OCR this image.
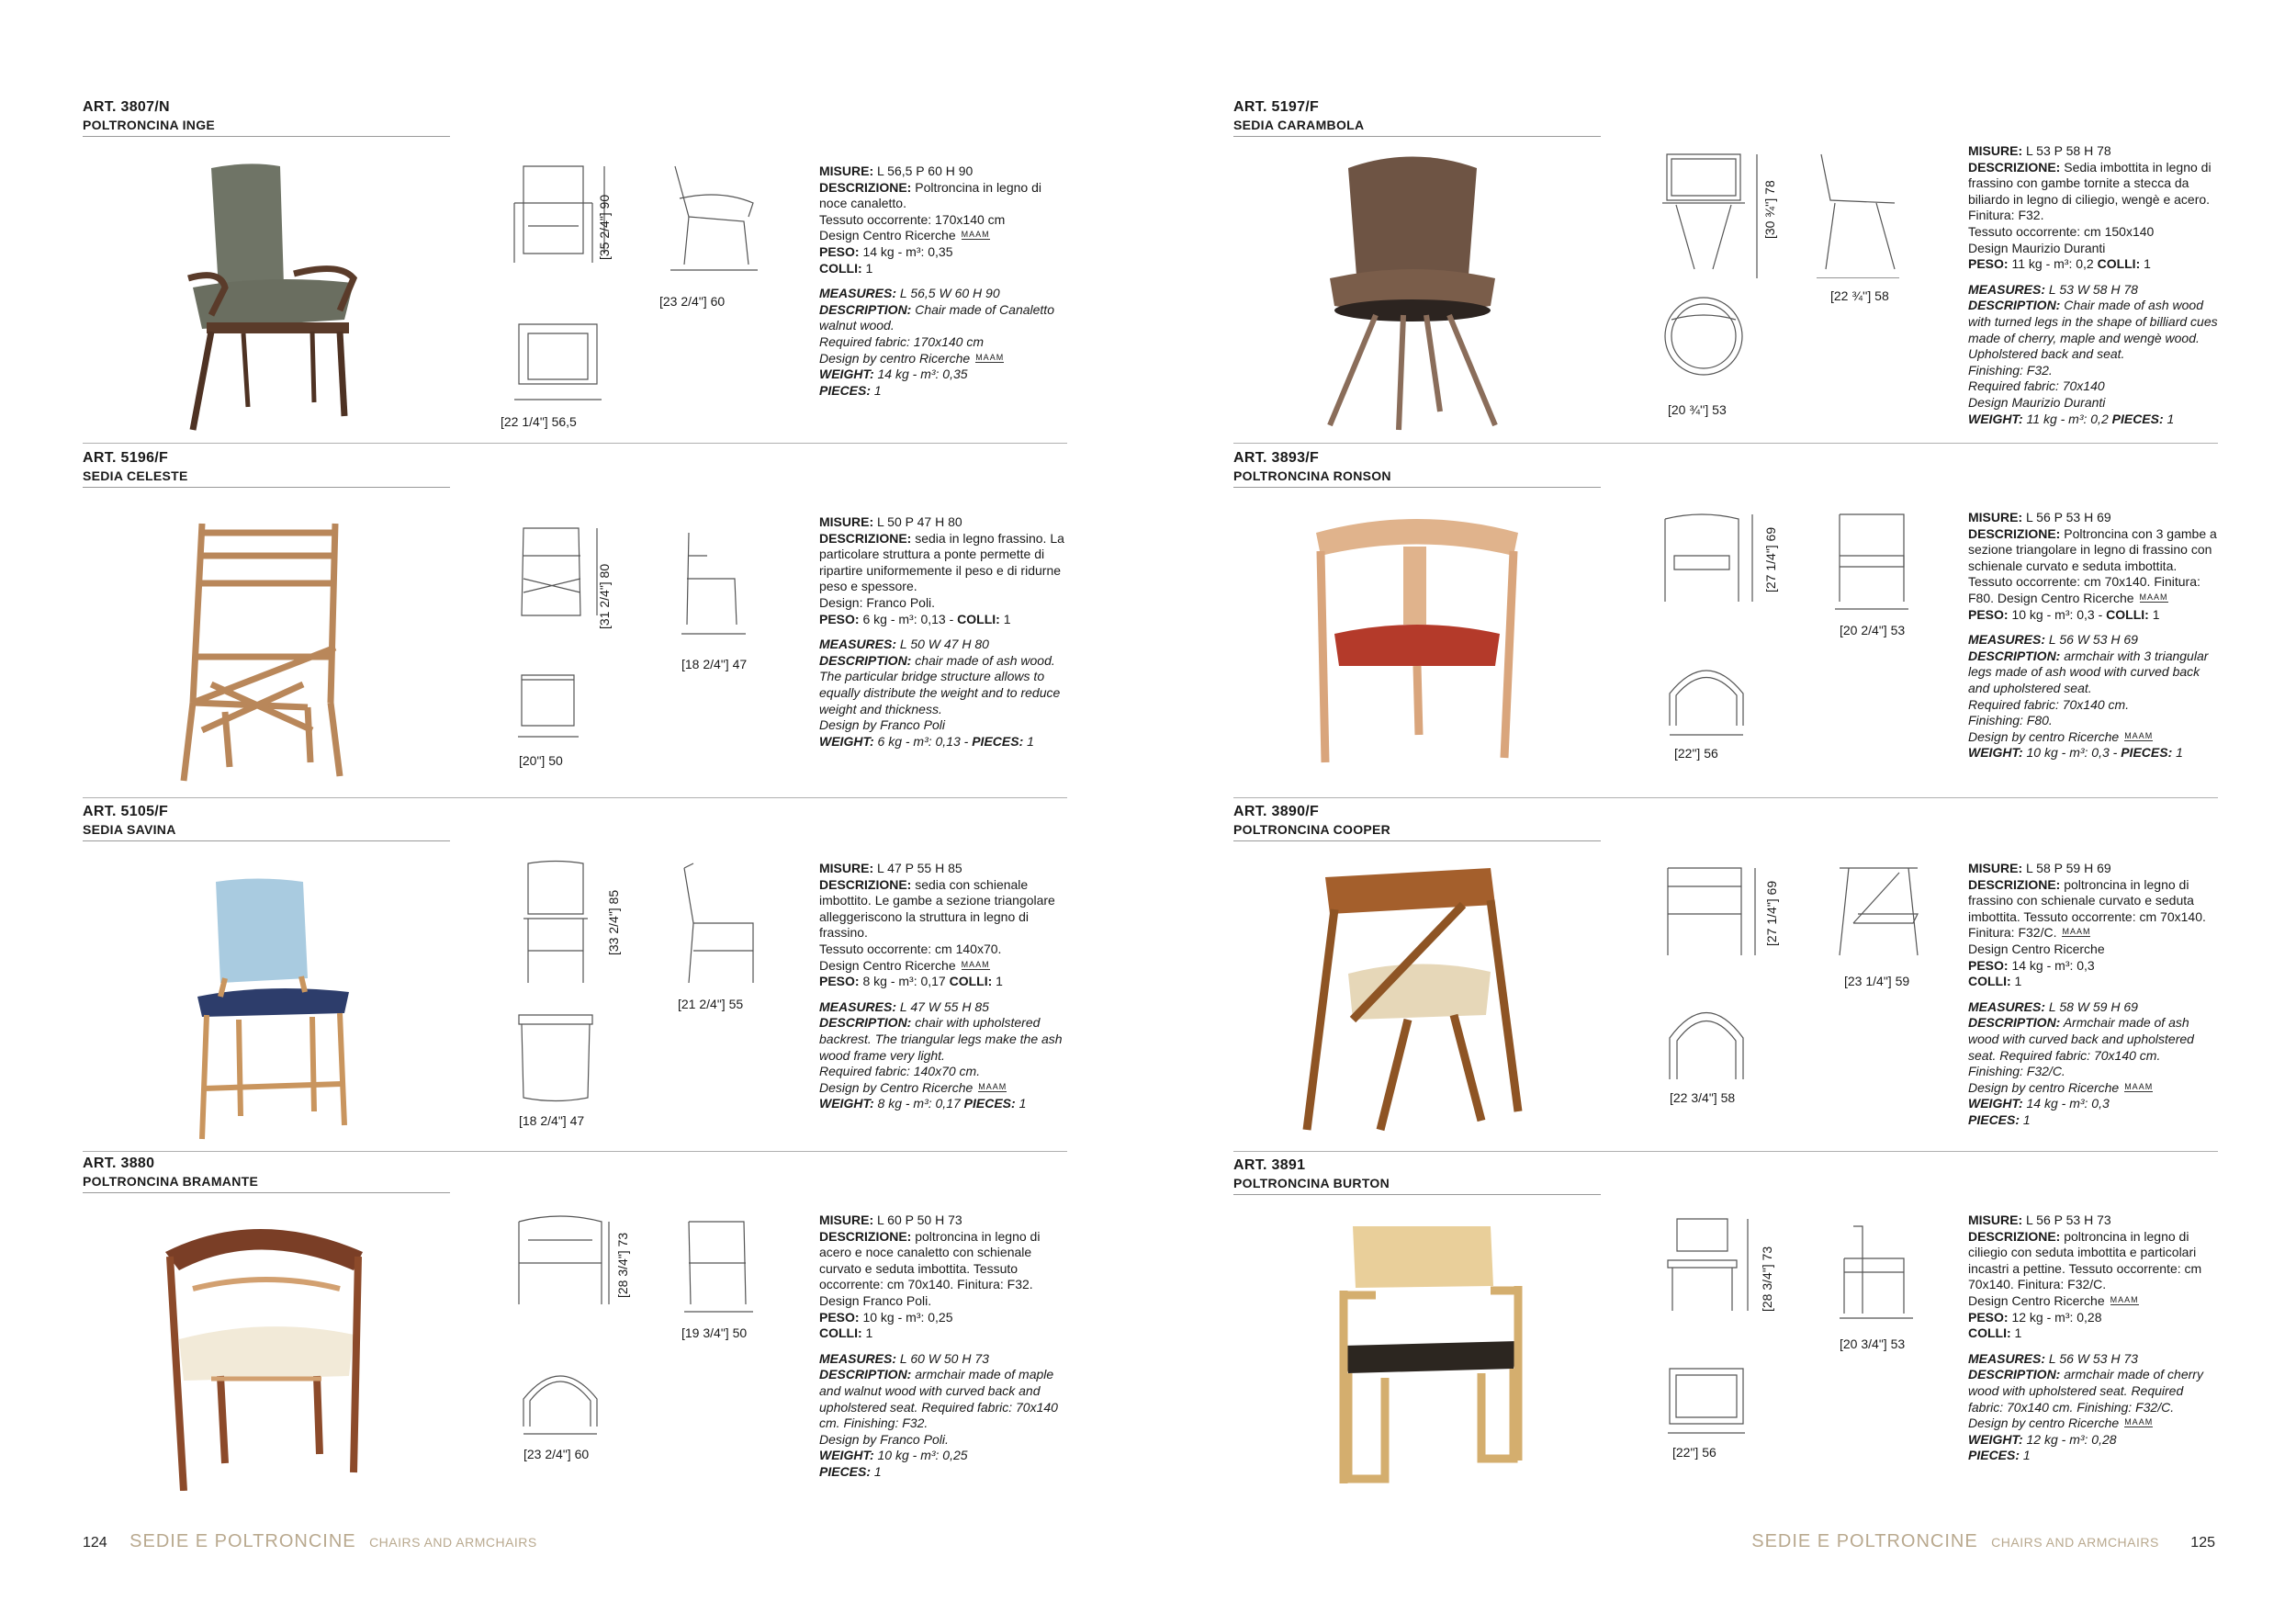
ART. 3807/N
POLTRONCINA INGE
[35 2/4"] 90
[23 2/4"] 60
[22 1/4"] 56,5

MISURE: L 56,5 P 60 H 90

DESCRIZIONE: Poltroncina in legno di noce canaletto.

Tessuto occorrente: 170x140 cm

Design Centro Ricerche MAAM

PESO: 14 kg - m³: 0,35

COLLI: 1

MEASURES: L 56,5 W 60 H 90

DESCRIPTION: Chair made of Canaletto walnut wood.

Required fabric: 170x140 cm

Design by centro Ricerche MAAM

WEIGHT: 14 kg - m³: 0,35

PIECES: 1

ART. 5196/F
SEDIA CELESTE
[31 2/4"] 80
[18 2/4"] 47
[20"] 50

MISURE: L 50 P 47 H 80

DESCRIZIONE: sedia in legno frassino. La particolare struttura a ponte permette di ripartire uniformemente il peso e di ridurne peso e spessore.

Design: Franco Poli.

PESO: 6 kg - m³: 0,13 - COLLI: 1

MEASURES: L 50 W 47 H 80

DESCRIPTION: chair made of ash wood. The particular bridge structure allows to equally distribute the weight and to reduce weight and thickness.

Design by Franco Poli

WEIGHT: 6 kg - m³: 0,13 - PIECES: 1

ART. 5105/F
SEDIA SAVINA
[33 2/4"] 85
[21 2/4"] 55
[18 2/4"] 47

MISURE: L 47 P 55 H 85

DESCRIZIONE: sedia con schienale imbottito. Le gambe a sezione triangolare alleggeriscono la struttura in legno di frassino.

Tessuto occorrente: cm 140x70.

Design Centro Ricerche MAAM

PESO: 8 kg - m³: 0,17 COLLI: 1

MEASURES: L 47 W 55 H 85

DESCRIPTION: chair with upholstered backrest. The triangular legs make the ash wood frame very light.

Required fabric: 140x70 cm.

Design by Centro Ricerche MAAM

WEIGHT: 8 kg - m³: 0,17 PIECES: 1

ART. 3880
POLTRONCINA BRAMANTE
[28 3/4"] 73
[19 3/4"] 50
[23 2/4"] 60

MISURE: L 60 P 50 H 73

DESCRIZIONE: poltroncina in legno di acero e noce canaletto con schienale curvato e seduta imbottita. Tessuto occorrente: cm 70x140. Finitura: F32.

Design Franco Poli.

PESO: 10 kg - m³: 0,25

COLLI: 1

MEASURES: L 60 W 50 H 73

DESCRIPTION: armchair made of maple and walnut wood with curved back and upholstered seat. Required fabric: 70x140 cm. Finishing: F32.

Design by Franco Poli.

WEIGHT: 10 kg - m³: 0,25

PIECES: 1

ART. 5197/F
SEDIA CARAMBOLA
[30 ¾''] 78
[22 ¾''] 58
[20 ¾''] 53

MISURE: L 53 P 58 H 78

DESCRIZIONE: Sedia imbottita in legno di frassino con gambe tornite a stecca da biliardo in legno di ciliegio, wengè e acero.

Finitura: F32.

Tessuto occorrente: cm 150x140

Design Maurizio Duranti

PESO: 11 kg - m³: 0,2 COLLI: 1

MEASURES: L 53 W 58 H 78

DESCRIPTION: Chair made of ash wood with turned legs in the shape of billiard cues made of cherry, maple and wengè wood. Upholstered back and seat.

Finishing: F32.

Required fabric: 70x140

Design Maurizio Duranti

WEIGHT: 11 kg - m³: 0,2 PIECES: 1

ART. 3893/F
POLTRONCINA RONSON
[27 1/4"] 69
[20 2/4"] 53
[22"] 56

MISURE: L 56 P 53 H 69

DESCRIZIONE: Poltroncina con 3 gambe a sezione triangolare in legno di frassino con schienale curvato e seduta imbottita. Tessuto occorrente: cm 70x140. Finitura: F80. Design Centro Ricerche MAAM

PESO: 10 kg - m³: 0,3 - COLLI: 1

MEASURES: L 56 W 53 H 69

DESCRIPTION: armchair with 3 triangular legs made of ash wood with curved back and upholstered seat.

Required fabric: 70x140 cm.

Finishing: F80.

Design by centro Ricerche MAAM

WEIGHT: 10 kg - m³: 0,3 - PIECES: 1

ART. 3890/F
POLTRONCINA COOPER
[27 1/4"] 69
[23 1/4"] 59
[22 3/4"] 58

MISURE: L 58 P 59 H 69

DESCRIZIONE: poltroncina in legno di frassino con schienale curvato e seduta imbottita. Tessuto occorrente: cm 70x140.

Finitura: F32/C. MAAM

Design Centro Ricerche

PESO: 14 kg - m³: 0,3

COLLI: 1

MEASURES: L 58 W 59 H 69

DESCRIPTION: Armchair made of ash wood with curved back and upholstered seat. Required fabric: 70x140 cm.

Finishing: F32/C.

Design by centro Ricerche MAAM

WEIGHT: 14 kg - m³: 0,3

PIECES: 1

ART. 3891
POLTRONCINA BURTON
[28 3/4"] 73
[20 3/4"] 53
[22"] 56

MISURE: L 56 P 53 H 73

DESCRIZIONE: poltroncina in legno di ciliegio con seduta imbottita e particolari incastri a pettine. Tessuto occorrente: cm 70x140. Finitura: F32/C.

Design Centro Ricerche MAAM

PESO: 12 kg - m³: 0,28

COLLI: 1

MEASURES: L 56 W 53 H 73

DESCRIPTION: armchair made of cherry wood with upholstered seat. Required fabric: 70x140 cm. Finishing: F32/C.

Design by centro Ricerche MAAM

WEIGHT: 12 kg - m³: 0,28

PIECES: 1

124 SEDIE E POLTRONCINE CHAIRS AND ARMCHAIRS	SEDIE E POLTRONCINE CHAIRS AND ARMCHAIRS 125
